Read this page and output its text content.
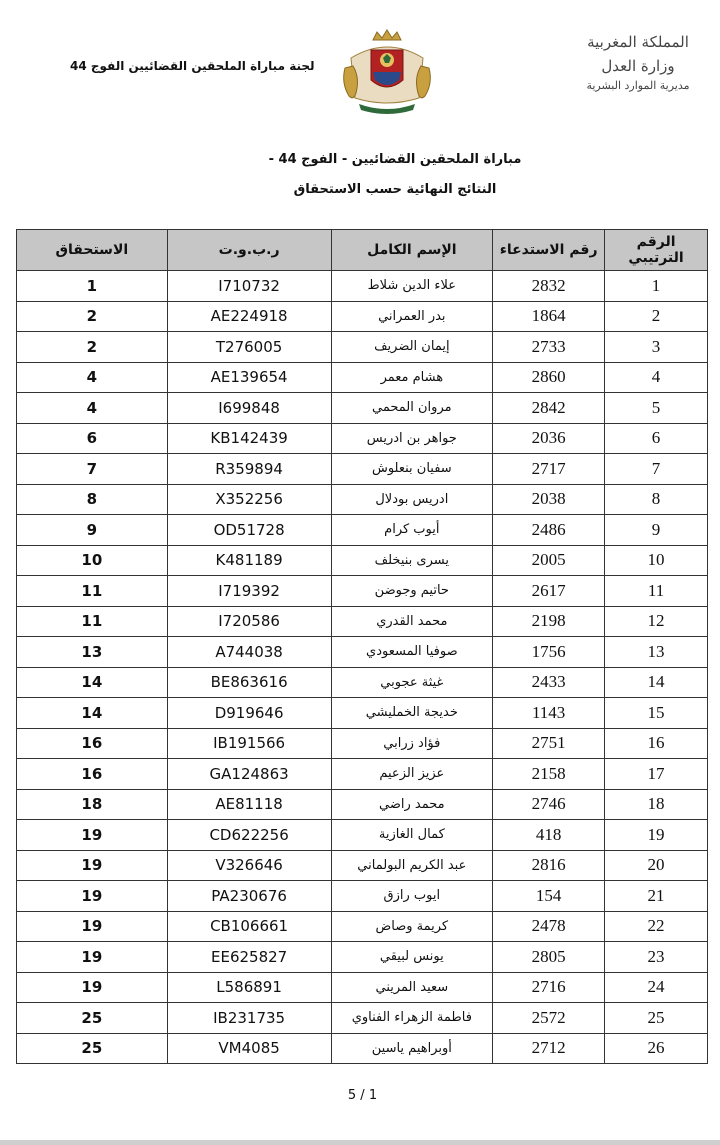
المملكة المغربية
وزارة العدل
مديرية الموارد البشرية
لجنة مباراة الملحقين القضائيين الفوج 44
مباراة الملحقين القضائيين - الفوج 44 -
النتائج النهائية حسب الاستحقاق
الرقم الترتيبي	رقم الاستدعاء	الإسم الكامل	ر.ب.و.ت	الاستحقاق
1	2832	علاء الدين شلاط	I710732	1
2	1864	بدر العمراني	AE224918	2
3	2733	إيمان الضريف	T276005	2
4	2860	هشام معمر	AE139654	4
5	2842	مروان المحمي	I699848	4
6	2036	جواهر بن ادريس	KB142439	6
7	2717	سفيان بنعلوش	R359894	7
8	2038	ادريس بودلال	X352256	8
9	2486	أيوب كرام	OD51728	9
10	2005	يسرى بنيخلف	K481189	10
11	2617	حاتيم وجوضن	I719392	11
12	2198	محمد القدري	I720586	11
13	1756	صوفيا المسعودي	A744038	13
14	2433	غيثة عجوبي	BE863616	14
15	1143	خديجة الخمليشي	D919646	14
16	2751	فؤاد زرابي	IB191566	16
17	2158	عزيز الزعيم	GA124863	16
18	2746	محمد راضي	AE81118	18
19	418	كمال الغازية	CD622256	19
20	2816	عبد الكريم البولماني	V326646	19
21	154	ايوب رازق	PA230676	19
22	2478	كريمة وصاض	CB106661	19
23	2805	يونس لبيقي	EE625827	19
24	2716	سعيد المريني	L586891	19
25	2572	فاطمة الزهراء الفناوي	IB231735	25
26	2712	أوبراهيم ياسين	VM4085	25
5 / 1
